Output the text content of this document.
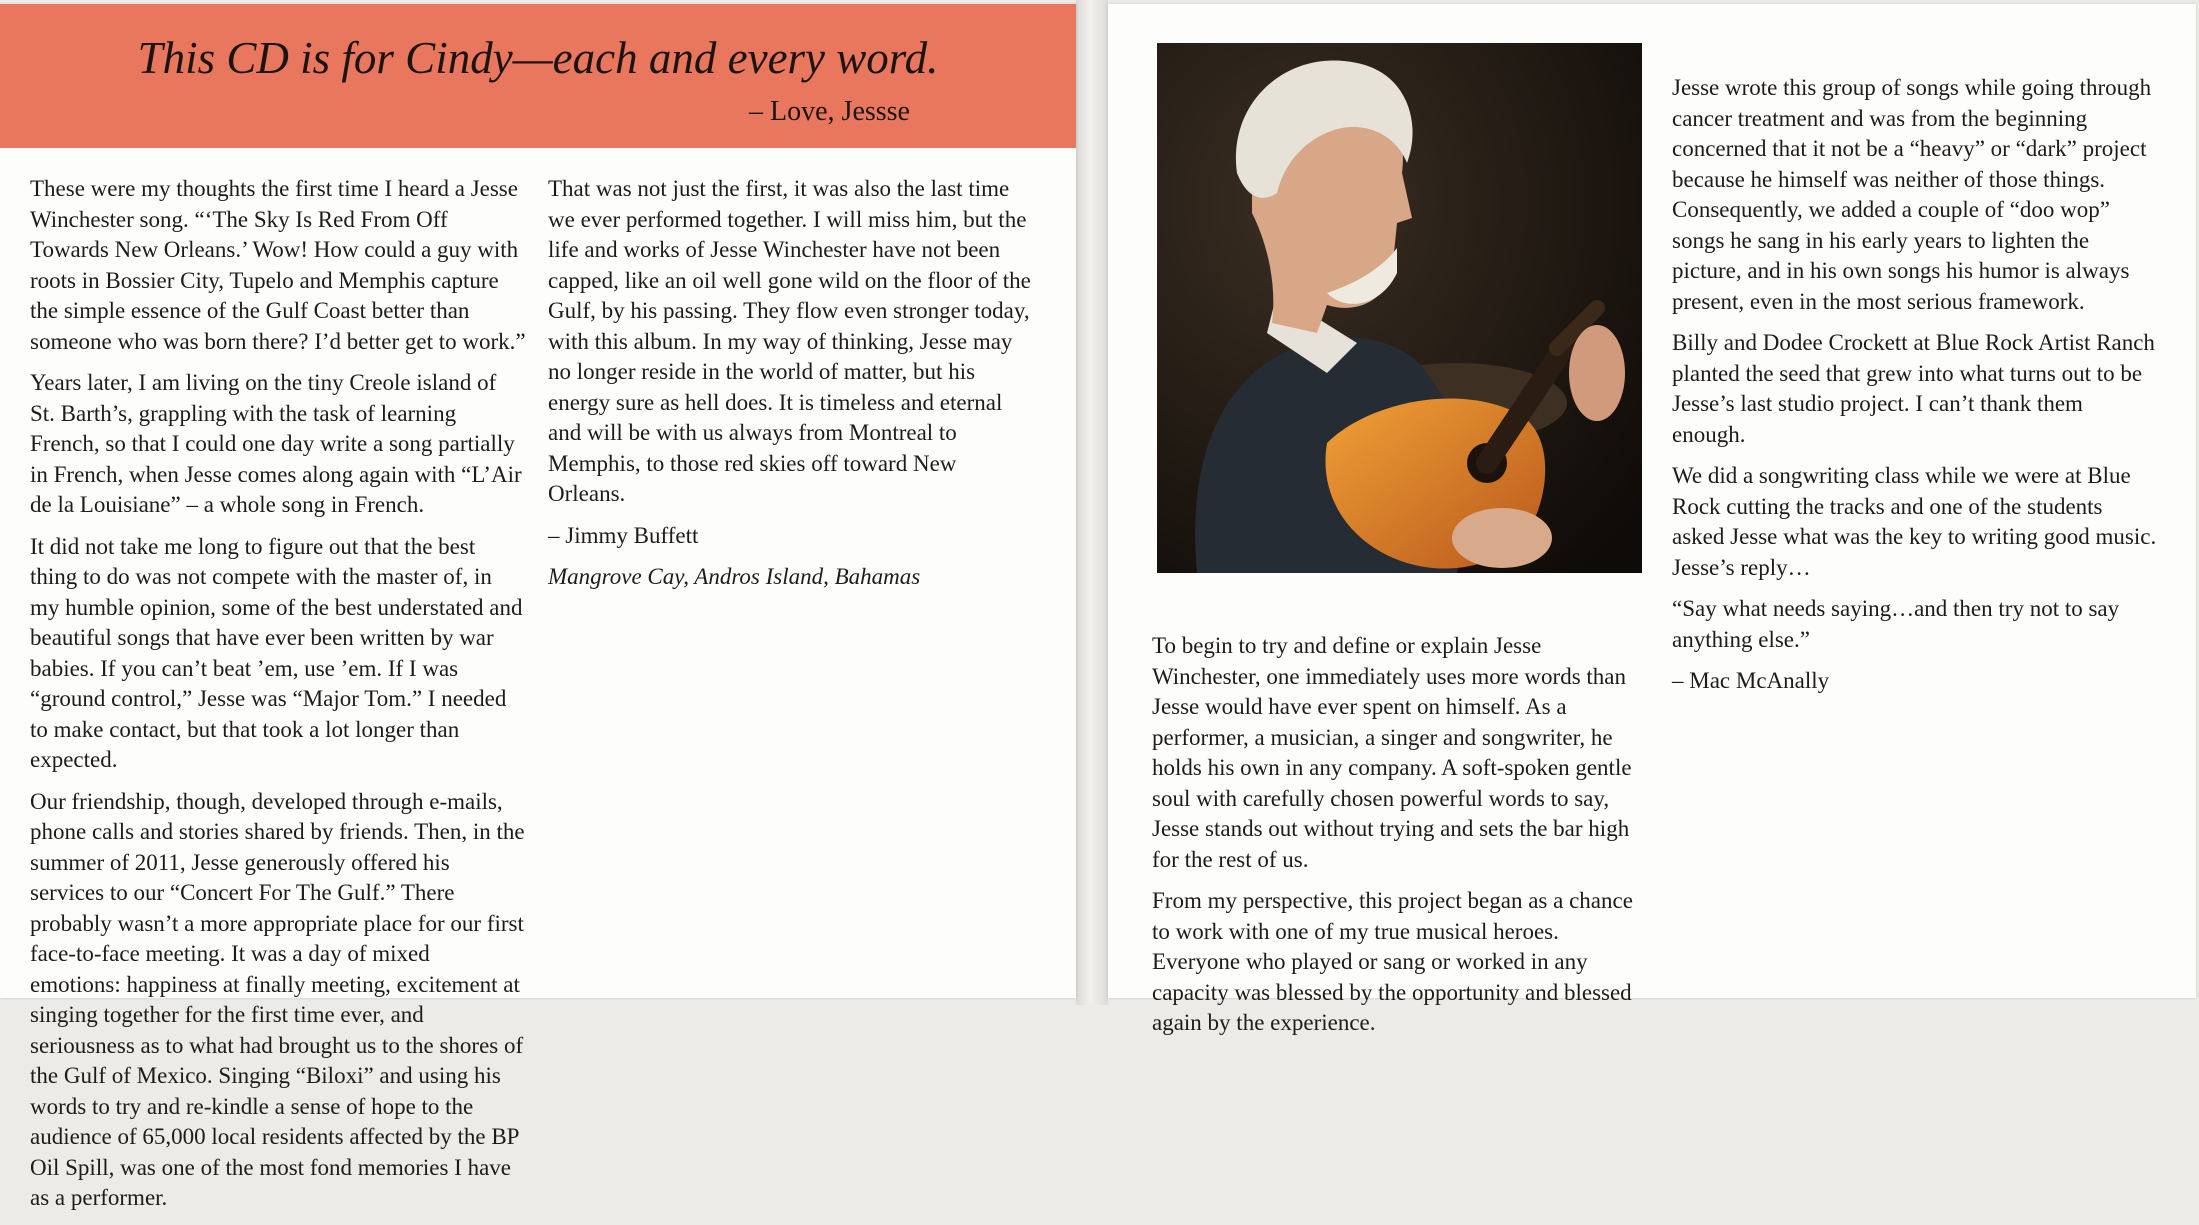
This CD is for Cindy—each and every word.
– Love, Jessse

These were my thoughts the first time I heard a Jesse Winchester song. “‘The Sky Is Red From Off Towards New Orleans.’ Wow! How could a guy with roots in Bossier City, Tupelo and Memphis capture the simple essence of the Gulf Coast better than someone who was born there? I’d better get to work.”

Years later, I am living on the tiny Creole island of St. Barth’s, grappling with the task of learning French, so that I could one day write a song partially in French, when Jesse comes along again with “L’Air de la Louisiane” – a whole song in French.

It did not take me long to figure out that the best thing to do was not compete with the master of, in my humble opinion, some of the best understated and beautiful songs that have ever been written by war babies. If you can’t beat ’em, use ’em. If I was “ground control,” Jesse was “Major Tom.” I needed to make contact, but that took a lot longer than expected.

Our friendship, though, developed through e-mails, phone calls and stories shared by friends. Then, in the summer of 2011, Jesse generously offered his services to our “Concert For The Gulf.” There probably wasn’t a more appropriate place for our first face-to-face meeting. It was a day of mixed emotions: happiness at finally meeting, excitement at singing together for the first time ever, and seriousness as to what had brought us to the shores of the Gulf of Mexico. Singing “Biloxi” and using his words to try and re-kindle a sense of hope to the audience of 65,000 local residents affected by the BP Oil Spill, was one of the most fond memories I have as a performer.

That was not just the first, it was also the last time we ever performed together. I will miss him, but the life and works of Jesse Winchester have not been capped, like an oil well gone wild on the floor of the Gulf, by his passing. They flow even stronger today, with this album. In my way of thinking, Jesse may no longer reside in the world of matter, but his energy sure as hell does. It is timeless and eternal and will be with us always from Montreal to Memphis, to those red skies off toward New Orleans.

– Jimmy Buffett

Mangrove Cay, Andros Island, Bahamas

To begin to try and define or explain Jesse Winchester, one immediately uses more words than Jesse would have ever spent on himself. As a performer, a musician, a singer and songwriter, he holds his own in any company. A soft-spoken gentle soul with carefully chosen powerful words to say, Jesse stands out without trying and sets the bar high for the rest of us.

From my perspective, this project began as a chance to work with one of my true musical heroes. Everyone who played or sang or worked in any capacity was blessed by the opportunity and blessed again by the experience.

Jesse wrote this group of songs while going through cancer treatment and was from the beginning concerned that it not be a “heavy” or “dark” project because he himself was neither of those things. Consequently, we added a couple of “doo wop” songs he sang in his early years to lighten the picture, and in his own songs his humor is always present, even in the most serious framework.

Billy and Dodee Crockett at Blue Rock Artist Ranch planted the seed that grew into what turns out to be Jesse’s last studio project. I can’t thank them enough.

We did a songwriting class while we were at Blue Rock cutting the tracks and one of the students asked Jesse what was the key to writing good music. Jesse’s reply…

“Say what needs saying…and then try not to say anything else.”

– Mac McAnally
